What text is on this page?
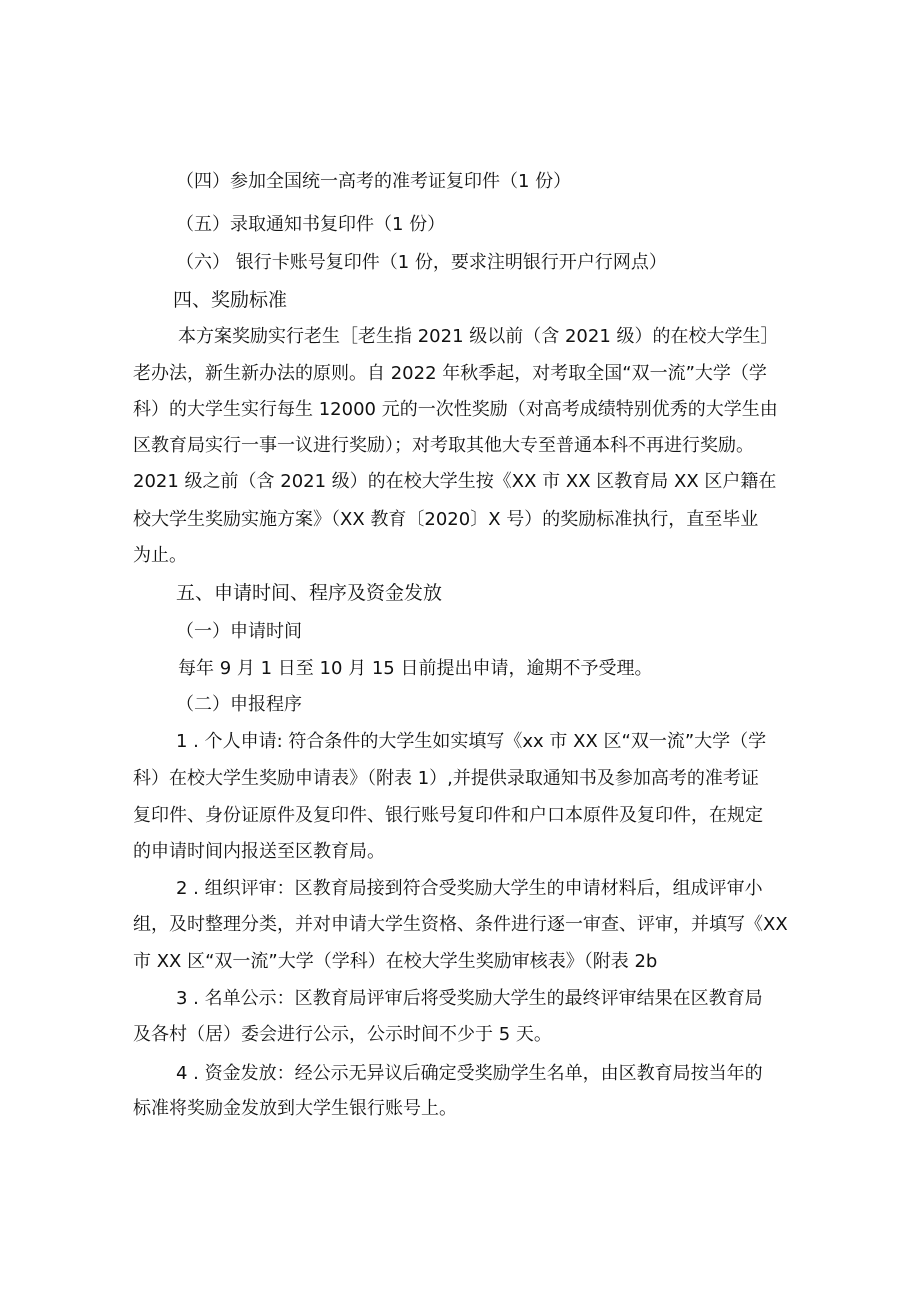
（四）参加全国统一高考的准考证复印件（1 份）
（五）录取通知书复印件（1 份）
（六） 银行卡账号复印件（1 份，要求注明银行开户行网点）
四、奖励标准
本方案奖励实行老生［老生指 2021 级以前（含 2021 级）的在校大学生］
老办法，新生新办法的原则。自 2022 年秋季起，对考取全国“双一流”大学（学
科）的大学生实行每生 12000 元的一次性奖励（对高考成绩特别优秀的大学生由
区教育局实行一事一议进行奖励）；对考取其他大专至普通本科不再进行奖励。
2021 级之前（含 2021 级）的在校大学生按《XX 市 XX 区教育局 XX 区户籍在
校大学生奖励实施方案》（XX 教育〔2020〕X 号）的奖励标准执行，直至毕业
为止。
五、申请时间、程序及资金发放
（一）申请时间
每年 9 月 1 日至 10 月 15 日前提出申请，逾期不予受理。
（二）申报程序
1 . 个人申请: 符合条件的大学生如实填写《xx 市 XX 区“双一流”大学（学
科）在校大学生奖励申请表》（附表 1）,并提供录取通知书及参加高考的准考证
复印件、身份证原件及复印件、银行账号复印件和户口本原件及复印件，在规定
的申请时间内报送至区教育局。
2 . 组织评审：区教育局接到符合受奖励大学生的申请材料后，组成评审小
组，及时整理分类，并对申请大学生资格、条件进行逐一审查、评审，并填写《XX
市 XX 区“双一流”大学（学科）在校大学生奖励审核表》（附表 2b
3 . 名单公示：区教育局评审后将受奖励大学生的最终评审结果在区教育局
及各村（居）委会进行公示，公示时间不少于 5 天。
4 . 资金发放：经公示无异议后确定受奖励学生名单，由区教育局按当年的
标准将奖励金发放到大学生银行账号上。
